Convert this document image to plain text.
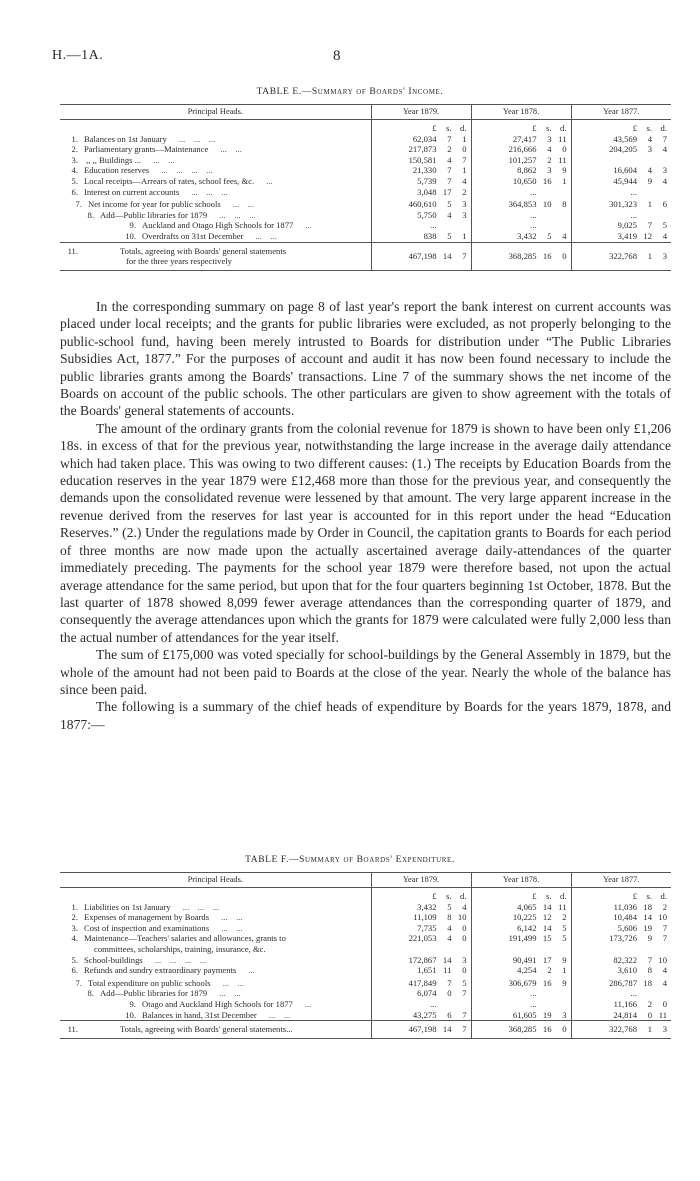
H.—1A.	8
TABLE E.—Summary of Boards' Income.
Principal Heads.	Year 1879.	Year 1878.	Year 1877.

	£ s. d.	£ s. d.	£ s. d.

1. Balances on 1st January ...    ...    ...	62,034 7 1	27,417 3 11	43,569 4 7

2. Parliamentary grants—Maintenance ...    ...	217,873 2 0	216,666 4 0	204,205 3 4

3. ,, ,, Buildings ... ...    ...	150,581 4 7	101,257 2 11	

4. Education reserves ...    ...    ...    ...	21,330 7 1	8,862 3 9	16,604 4 3

5. Local receipts—Arrears of rates, school fees, &c. ...	5,739 7 4	10,650 16 1	45,944 9 4

6. Interest on current accounts ...    ...    ...	3,048 17 2	...	...

7. Net income for year for public schools ...    ...	460,610 5 3	364,853 10 8	301,323 1 6

8. Add—Public libraries for 1879 ...    ...    ...	5,750 4 3	...	...

9. Auckland and Otago High Schools for 1877 ...	...	...	9,025 7 5

10. Overdrafts on 31st December ...    ...	838 5 1	3,432 5 4	3,419 12 4

11. Totals, agreeing with Boards' general statements
for the three years respectively	467,198 14 7	368,285 16 0	322,768 1 3

In the corresponding summary on page 8 of last year's report the bank interest on current accounts was placed under local receipts; and the grants for public libraries were excluded, as not properly belonging to the public-school fund, having been merely intrusted to Boards for distribution under “The Public Libraries Subsidies Act, 1877.” For the purposes of account and audit it has now been found necessary to include the public libraries grants among the Boards' transactions. Line 7 of the summary shows the net income of the Boards on account of the public schools. The other particulars are given to show agreement with the totals of the Boards' general statements of accounts.

The amount of the ordinary grants from the colonial revenue for 1879 is shown to have been only £1,206 18s. in excess of that for the previous year, notwithstanding the large increase in the average daily attendance which had taken place. This was owing to two different causes: (1.) The receipts by Education Boards from the education reserves in the year 1879 were £12,468 more than those for the previous year, and consequently the demands upon the consolidated revenue were lessened by that amount. The very large apparent increase in the revenue derived from the reserves for last year is accounted for in this report under the head “Education Reserves.” (2.) Under the regulations made by Order in Council, the capitation grants to Boards for each period of three months are now made upon the actually ascertained average daily-attendances of the quarter immediately preceding. The payments for the school year 1879 were therefore based, not upon the actual average attendance for the same period, but upon that for the four quarters beginning 1st October, 1878. But the last quarter of 1878 showed 8,099 fewer average attendances than the corresponding quarter of 1879, and consequently the average attendances upon which the grants for 1879 were calculated were fully 2,000 less than the actual number of attendances for the year itself.

The sum of £175,000 was voted specially for school-buildings by the General Assembly in 1879, but the whole of the amount had not been paid to Boards at the close of the year. Nearly the whole of the balance has since been paid.

The following is a summary of the chief heads of expenditure by Boards for the years 1879, 1878, and 1877:—

TABLE F.—Summary of Boards' Expenditure.
Principal Heads.	Year 1879.	Year 1878.	Year 1877.

	£ s. d.	£ s. d.	£ s. d.

1. Liabilities on 1st January ...    ...    ...	3,432 5 4	4,065 14 11	11,036 18 2

2. Expenses of management by Boards ...    ...	11,109 8 10	10,225 12 2	10,484 14 10

3. Cost of inspection and examinations ...    ...	7,735 4 0	6,142 14 5	5,606 19 7

4. Maintenance—Teachers' salaries and allowances, grants to
committees, scholarships, training, insurance, &c.	221,053 4 0	191,499 15 5	173,726 9 7

5. School-buildings ...    ...    ...    ...	172,867 14 3	90,491 17 9	82,322 7 10

6. Refunds and sundry extraordinary payments ...	1,651 11 0	4,254 2 1	3,610 8 4

7. Total expenditure on public schools ...    ...	417,849 7 5	306,679 16 9	286,787 18 4

8. Add—Public libraries for 1879 ...    ...	6,074 0 7	...	...

9. Otago and Auckland High Schools for 1877 ...	...	...	11,166 2 0

10. Balances in hand, 31st December ...    ...	43,275 6 7	61,605 19 3	24,814 0 11

11. Totals, agreeing with Boards' general statements...	467,198 14 7	368,285 16 0	322,768 1 3
